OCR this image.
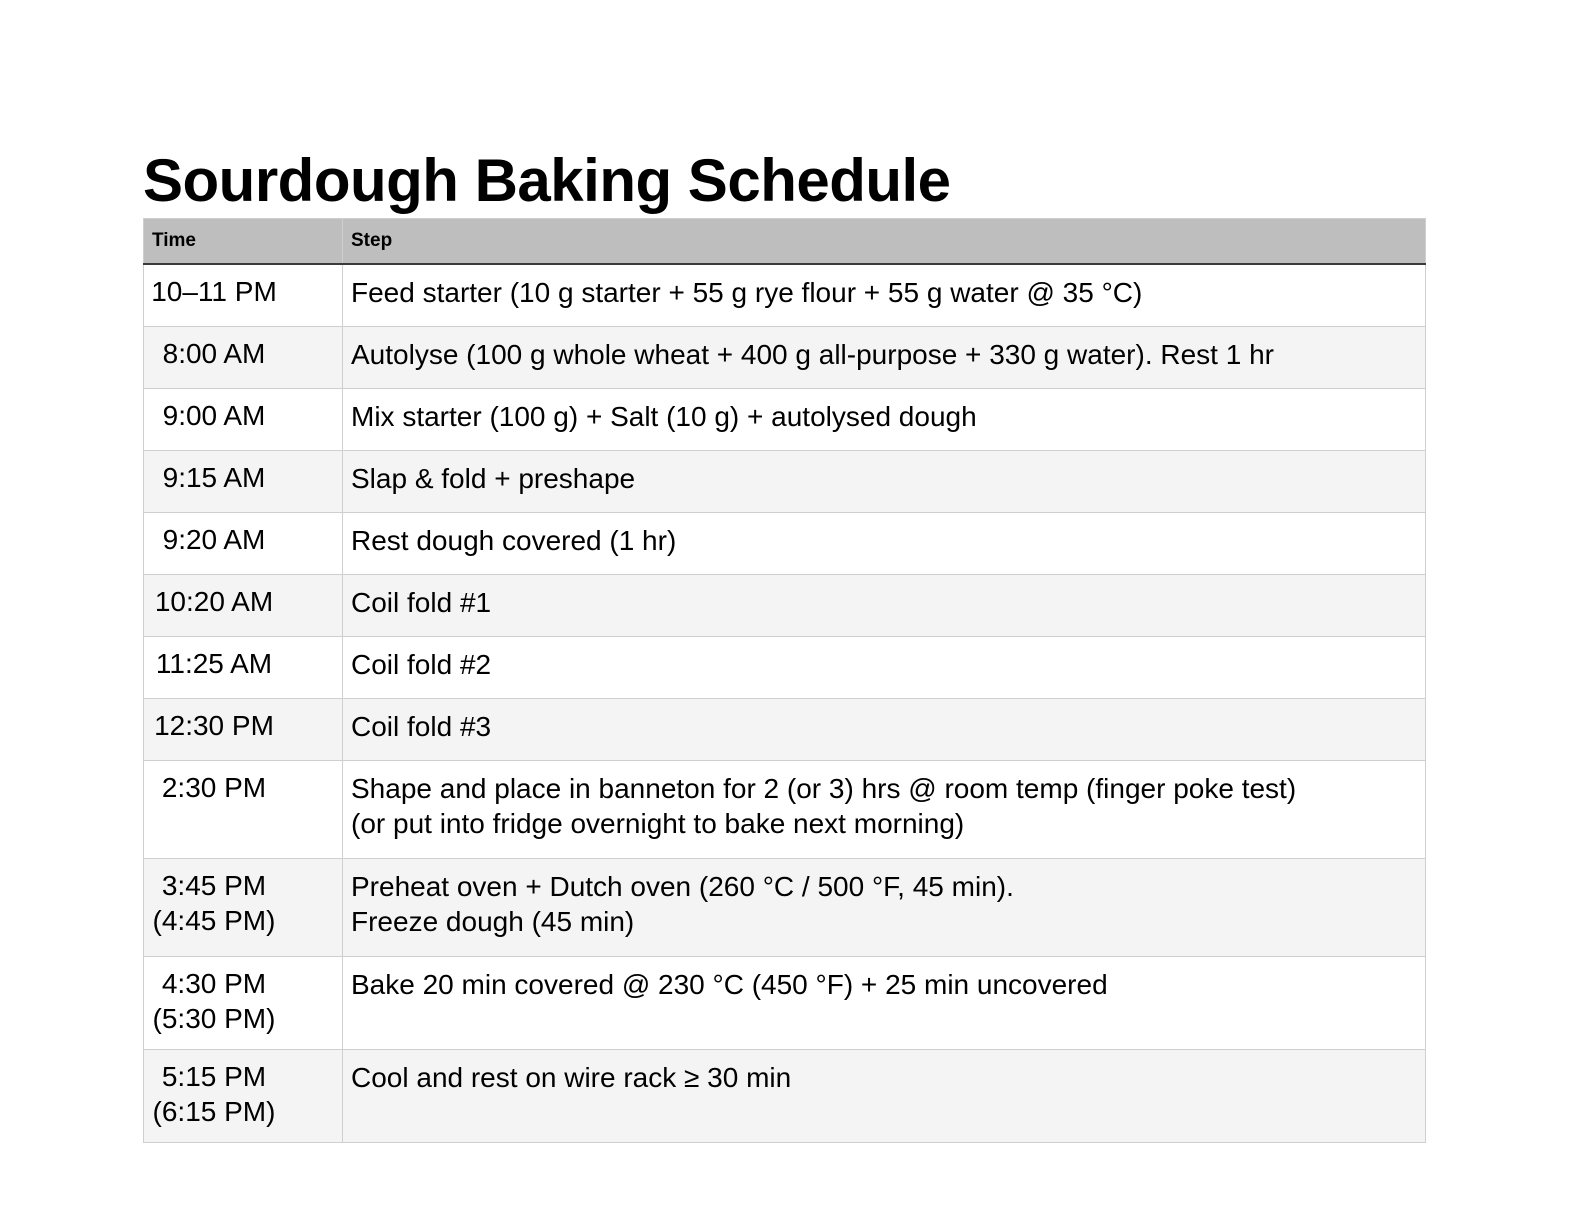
Sourdough Baking Schedule
Time	Step

10–11 PM	Feed starter (10 g starter + 55 g rye flour + 55 g water @ 35 °C)

8:00 AM	Autolyse (100 g whole wheat + 400 g all-purpose + 330 g water). Rest 1 hr

9:00 AM	Mix starter (100 g) + Salt (10 g) + autolysed dough

9:15 AM	Slap & fold + preshape

9:20 AM	Rest dough covered (1 hr)

10:20 AM	Coil fold #1

11:25 AM	Coil fold #2

12:30 PM	Coil fold #3

2:30 PM	Shape and place in banneton for 2 (or 3) hrs @ room temp (finger poke test)
(or put into fridge overnight to bake next morning)

3:45 PM
(4:45 PM)	Preheat oven + Dutch oven (260 °C / 500 °F, 45 min).
Freeze dough (45 min)

4:30 PM
(5:30 PM)	Bake 20 min covered @ 230 °C (450 °F) + 25 min uncovered

5:15 PM
(6:15 PM)	Cool and rest on wire rack ≥ 30 min
